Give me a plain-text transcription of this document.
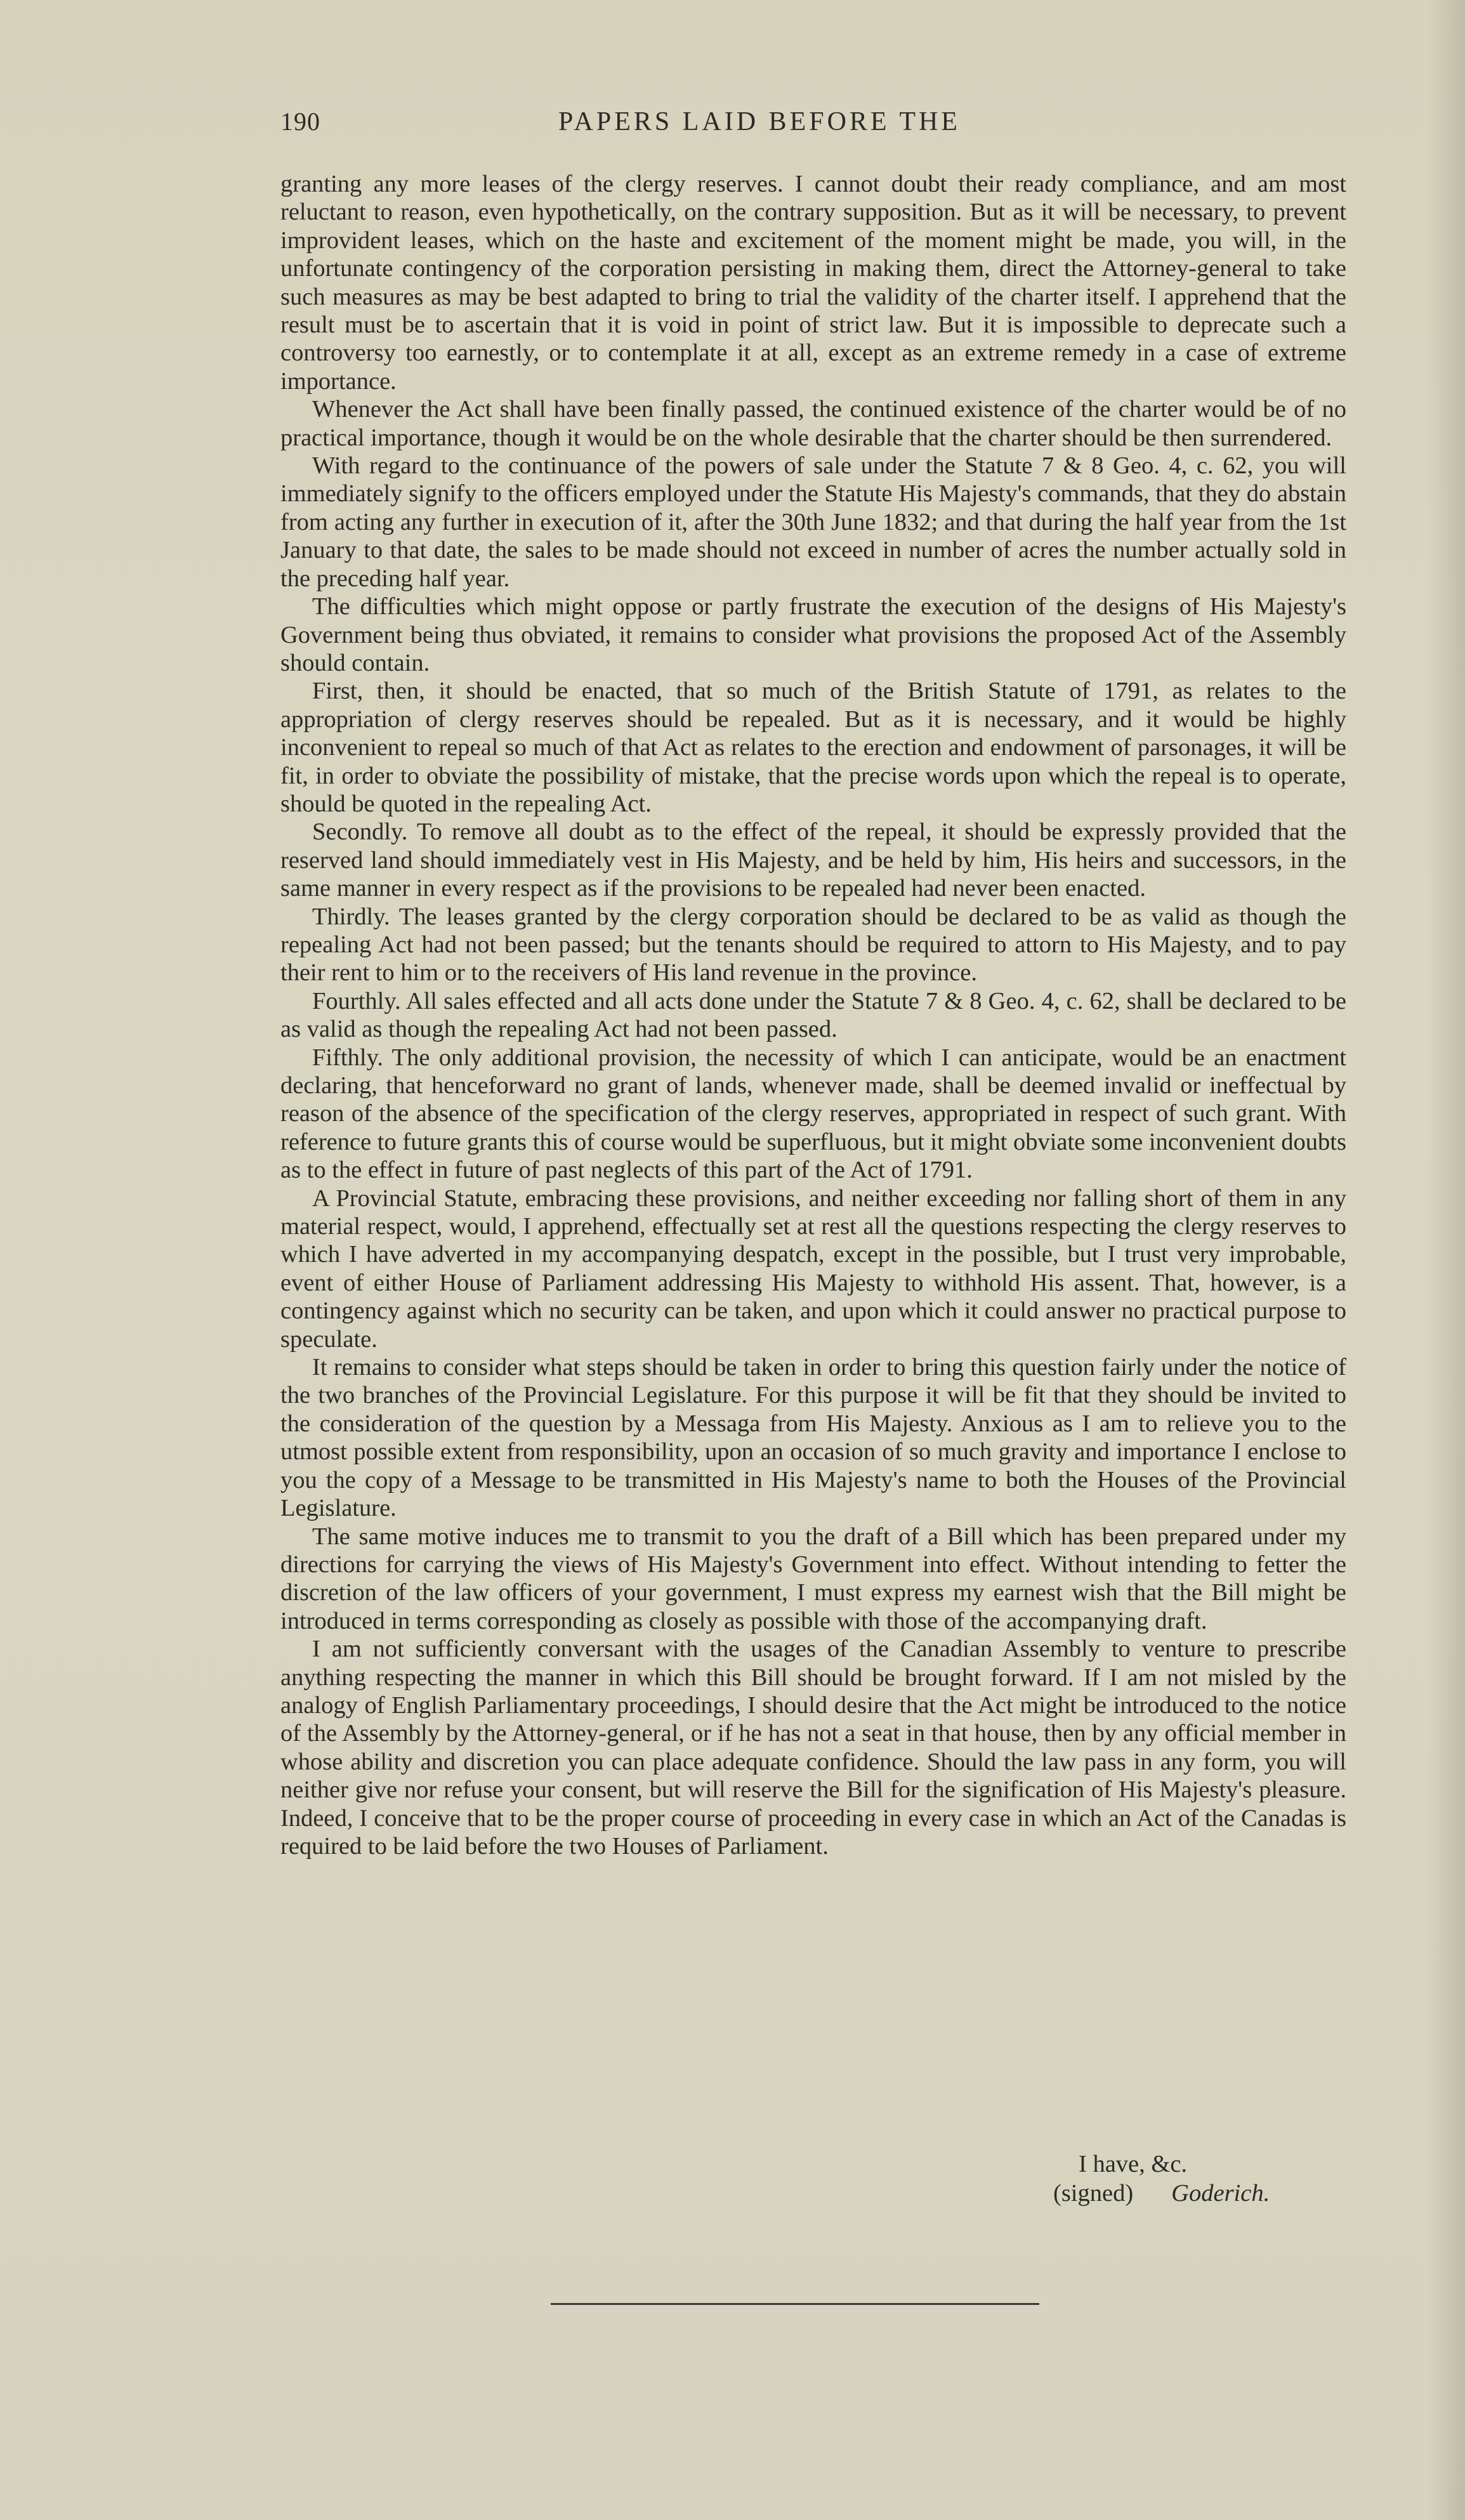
190	PAPERS LAID BEFORE THE

granting any more leases of the clergy reserves. I cannot doubt their ready compliance, and am most reluctant to reason, even hypothetically, on the contrary supposition. But as it will be necessary, to prevent improvident leases, which on the haste and excitement of the moment might be made, you will, in the unfortunate contingency of the corporation persisting in making them, direct the Attorney-general to take such measures as may be best adapted to bring to trial the validity of the charter itself. I apprehend that the result must be to ascertain that it is void in point of strict law. But it is impossible to deprecate such a controversy too earnestly, or to contemplate it at all, except as an extreme remedy in a case of extreme importance.

Whenever the Act shall have been finally passed, the continued existence of the charter would be of no practical importance, though it would be on the whole desirable that the charter should be then surrendered.

With regard to the continuance of the powers of sale under the Statute 7 & 8 Geo. 4, c. 62, you will immediately signify to the officers employed under the Statute His Majesty's commands, that they do abstain from acting any further in execution of it, after the 30th June 1832; and that during the half year from the 1st January to that date, the sales to be made should not exceed in number of acres the number actually sold in the preceding half year.

The difficulties which might oppose or partly frustrate the execution of the designs of His Majesty's Government being thus obviated, it remains to consider what provisions the proposed Act of the Assembly should contain.

First, then, it should be enacted, that so much of the British Statute of 1791, as relates to the appropriation of clergy reserves should be repealed. But as it is necessary, and it would be highly inconvenient to repeal so much of that Act as relates to the erection and endowment of parsonages, it will be fit, in order to obviate the possibility of mistake, that the precise words upon which the repeal is to operate, should be quoted in the repealing Act.

Secondly. To remove all doubt as to the effect of the repeal, it should be expressly provided that the reserved land should immediately vest in His Majesty, and be held by him, His heirs and successors, in the same manner in every respect as if the provisions to be repealed had never been enacted.

Thirdly. The leases granted by the clergy corporation should be declared to be as valid as though the repealing Act had not been passed; but the tenants should be required to attorn to His Majesty, and to pay their rent to him or to the receivers of His land revenue in the province.

Fourthly. All sales effected and all acts done under the Statute 7 & 8 Geo. 4, c. 62, shall be declared to be as valid as though the repealing Act had not been passed.

Fifthly. The only additional provision, the necessity of which I can anticipate, would be an enactment declaring, that henceforward no grant of lands, whenever made, shall be deemed invalid or ineffectual by reason of the absence of the specification of the clergy reserves, appropriated in respect of such grant. With reference to future grants this of course would be superfluous, but it might obviate some inconvenient doubts as to the effect in future of past neglects of this part of the Act of 1791.

A Provincial Statute, embracing these provisions, and neither exceeding nor falling short of them in any material respect, would, I apprehend, effectually set at rest all the questions respecting the clergy reserves to which I have adverted in my accompanying despatch, except in the possible, but I trust very improbable, event of either House of Parliament addressing His Majesty to withhold His assent. That, however, is a contingency against which no security can be taken, and upon which it could answer no practical purpose to speculate.

It remains to consider what steps should be taken in order to bring this question fairly under the notice of the two branches of the Provincial Legislature. For this purpose it will be fit that they should be invited to the consideration of the question by a Messaga from His Majesty. Anxious as I am to relieve you to the utmost possible extent from responsibility, upon an occasion of so much gravity and importance I enclose to you the copy of a Message to be transmitted in His Majesty's name to both the Houses of the Provincial Legislature.

The same motive induces me to transmit to you the draft of a Bill which has been prepared under my directions for carrying the views of His Majesty's Government into effect. Without intending to fetter the discretion of the law officers of your government, I must express my earnest wish that the Bill might be introduced in terms corresponding as closely as possible with those of the accompanying draft.

I am not sufficiently conversant with the usages of the Canadian Assembly to venture to prescribe anything respecting the manner in which this Bill should be brought forward. If I am not misled by the analogy of English Parliamentary proceedings, I should desire that the Act might be introduced to the notice of the Assembly by the Attorney-general, or if he has not a seat in that house, then by any official member in whose ability and discretion you can place adequate confidence. Should the law pass in any form, you will neither give nor refuse your consent, but will reserve the Bill for the signification of His Majesty's pleasure. Indeed, I conceive that to be the proper course of proceeding in every case in which an Act of the Canadas is required to be laid before the two Houses of Parliament.

I have, &c.
(signed) Goderich.
